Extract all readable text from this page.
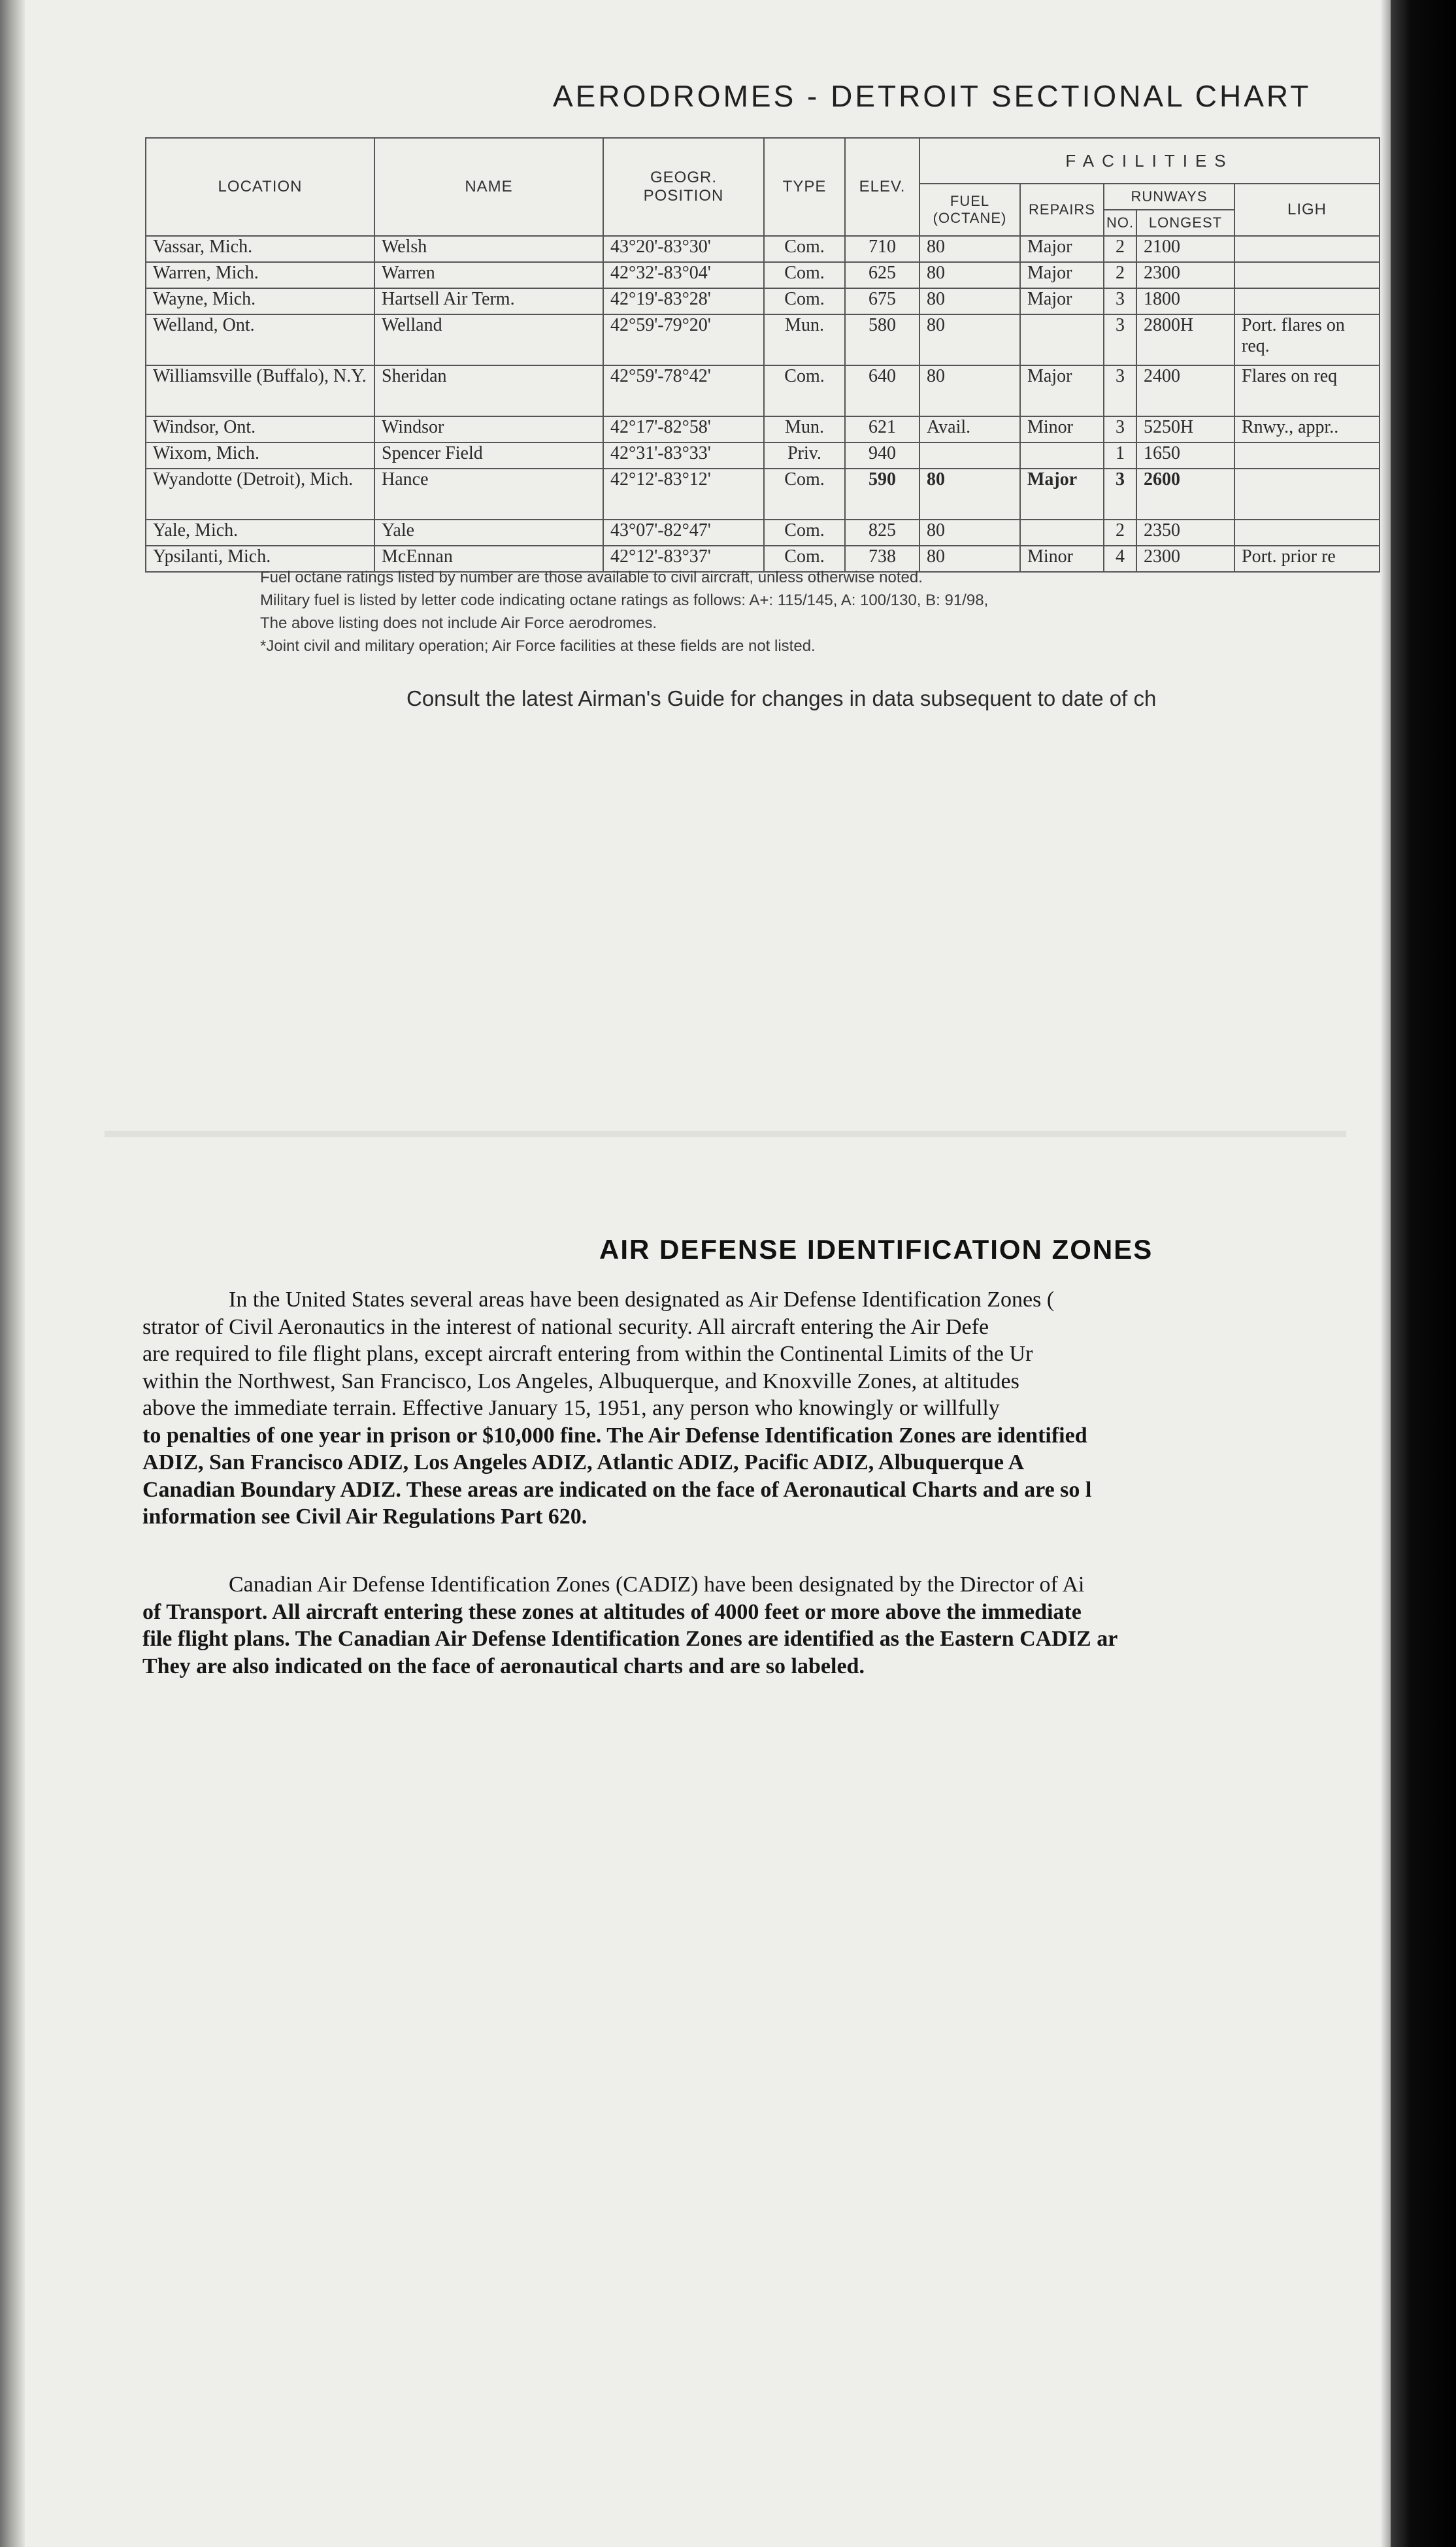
AERODROMES - DETROIT SECTIONAL CHART
LOCATION	NAME	GEOGR. POSITION	TYPE	ELEV.	FACILITIES				
					FUEL (OCTANE)	REPAIRS	RUNWAYS		LIGH
							NO.	LONGEST	
Vassar, Mich.	Welsh	43°20'-83°30'	Com.	710	80	Major	2	2100	
Warren, Mich.	Warren	42°32'-83°04'	Com.	625	80	Major	2	2300	
Wayne, Mich.	Hartsell Air Term.	42°19'-83°28'	Com.	675	80	Major	3	1800	
Welland, Ont.	Welland	42°59'-79°20'	Mun.	580	80		3	2800H	Port. flares on req.
Williamsville (Buffalo), N.Y.	Sheridan	42°59'-78°42'	Com.	640	80	Major	3	2400	Flares on req
Windsor, Ont.	Windsor	42°17'-82°58'	Mun.	621	Avail.	Minor	3	5250H	Rnwy., appr..
Wixom, Mich.	Spencer Field	42°31'-83°33'	Priv.	940			1	1650	
Wyandotte (Detroit), Mich.	Hance	42°12'-83°12'	Com.	590	80	Major	3	2600	
Yale, Mich.	Yale	43°07'-82°47'	Com.	825	80		2	2350	
Ypsilanti, Mich.	McEnnan	42°12'-83°37'	Com.	738	80	Minor	4	2300	Port. prior re
Fuel octane ratings listed by number are those available to civil aircraft, unless otherwise noted.
Military fuel is listed by letter code indicating octane ratings as follows: A+: 115/145, A: 100/130, B: 91/98,
The above listing does not include Air Force aerodromes.
*Joint civil and military operation; Air Force facilities at these fields are not listed.
Consult the latest Airman's Guide for changes in data subsequent to date of ch
AIR DEFENSE IDENTIFICATION ZONES
In the United States several areas have been designated as Air Defense Identification Zones (
strator of Civil Aeronautics in the interest of national security. All aircraft entering the Air Defe
are required to file flight plans, except aircraft entering from within the Continental Limits of the Ur
within the Northwest, San Francisco, Los Angeles, Albuquerque, and Knoxville Zones, at altitudes
above the immediate terrain. Effective January 15, 1951, any person who knowingly or willfully
to penalties of one year in prison or $10,000 fine. The Air Defense Identification Zones are identified
ADIZ, San Francisco ADIZ, Los Angeles ADIZ, Atlantic ADIZ, Pacific ADIZ, Albuquerque A
Canadian Boundary ADIZ. These areas are indicated on the face of Aeronautical Charts and are so l
information see Civil Air Regulations Part 620.
Canadian Air Defense Identification Zones (CADIZ) have been designated by the Director of Ai
of Transport. All aircraft entering these zones at altitudes of 4000 feet or more above the immediate
file flight plans. The Canadian Air Defense Identification Zones are identified as the Eastern CADIZ ar
They are also indicated on the face of aeronautical charts and are so labeled.
